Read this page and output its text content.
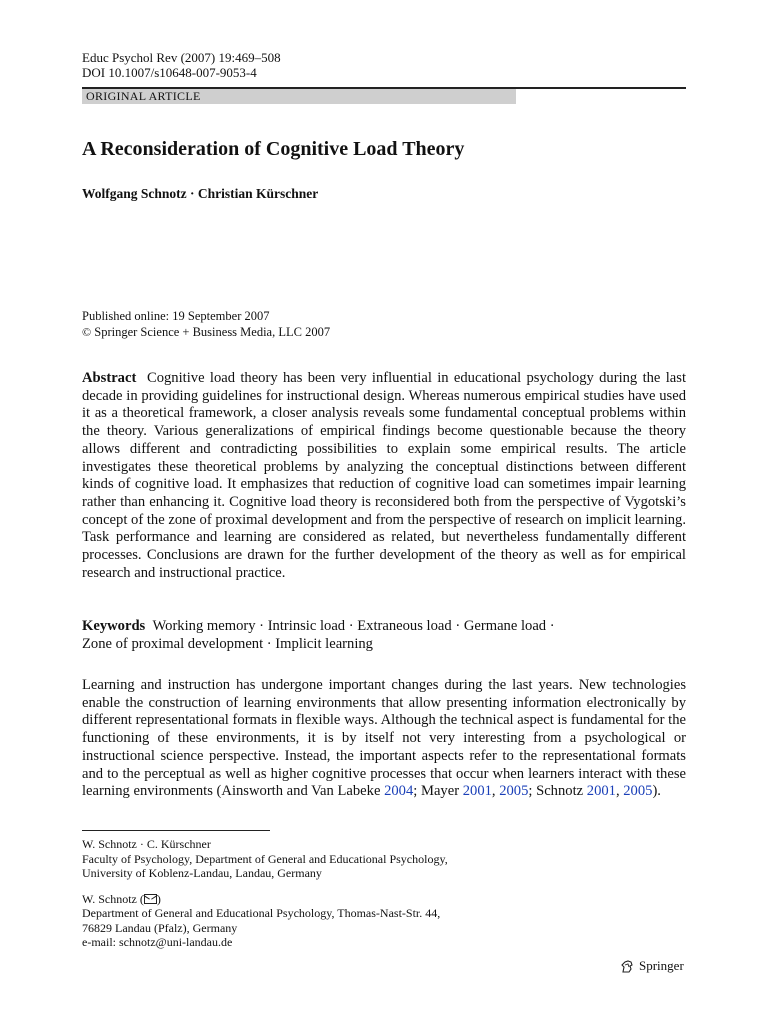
Educ Psychol Rev (2007) 19:469–508
DOI 10.1007/s10648-007-9053-4
ORIGINAL ARTICLE
A Reconsideration of Cognitive Load Theory
Wolfgang Schnotz · Christian Kürschner
Published online: 19 September 2007
© Springer Science + Business Media, LLC 2007

Abstract Cognitive load theory has been very influential in educational psychology during the last decade in providing guidelines for instructional design. Whereas numerous empirical studies have used it as a theoretical framework, a closer analysis reveals some fundamental conceptual problems within the theory. Various generalizations of empirical findings become questionable because the theory allows different and contradicting possibilities to explain some empirical results. The article investigates these theoretical problems by analyzing the conceptual distinctions between different kinds of cognitive load. It emphasizes that reduction of cognitive load can sometimes impair learning rather than enhancing it. Cognitive load theory is reconsidered both from the perspective of Vygotski’s concept of the zone of proximal development and from the perspective of research on implicit learning. Task performance and learning are considered as related, but nevertheless fundamentally different processes. Conclusions are drawn for the further development of the theory as well as for empirical research and instructional practice.

Keywords Working memory · Intrinsic load · Extraneous load · Germane load ·
Zone of proximal development · Implicit learning

Learning and instruction has undergone important changes during the last years. New technologies enable the construction of learning environments that allow presenting information electronically by different representational formats in flexible ways. Although the technical aspect is fundamental for the functioning of these environments, it is by itself not very interesting from a psychological or instructional science perspective. Instead, the important aspects refer to the representational formats and to the perceptual as well as higher cognitive processes that occur when learners interact with these learning environments (Ainsworth and Van Labeke 2004; Mayer 2001, 2005; Schnotz 2001, 2005).

W. Schnotz · C. Kürschner
Faculty of Psychology, Department of General and Educational Psychology,
University of Koblenz-Landau, Landau, Germany
W. Schnotz ( )
Department of General and Educational Psychology, Thomas-Nast-Str. 44,
76829 Landau (Pfalz), Germany
e-mail: schnotz@uni-landau.de
Springer
